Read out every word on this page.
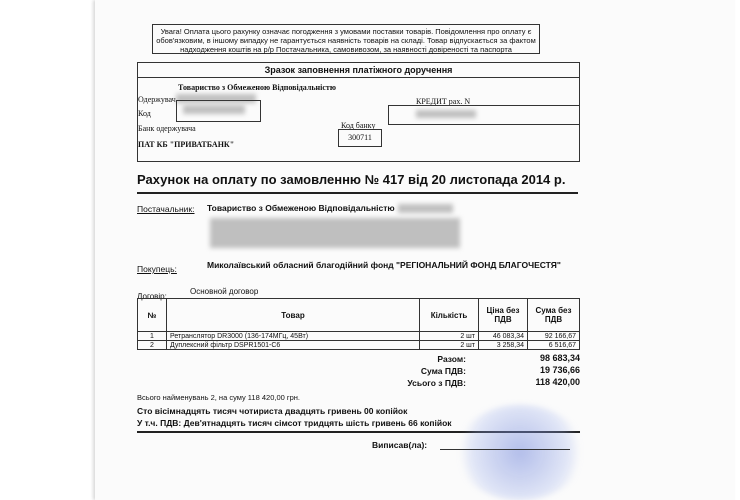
Увага! Оплата цього рахунку означає погодження з умовами поставки товарів. Повідомлення про оплату є
обов'язковим, в іншому випадку не гарантується наявність товарів на складі. Товар відпускається за фактом
надходження коштів на р/р Постачальника, самовивозом, за наявності довіреності та паспорта
Зразок заповнення платіжного доручення
Товариство з Обмеженою Відповідальністю
Одержувач
Код
Банк одержувача
ПАТ КБ "ПРИВАТБАНК"
Код банку
300711
КРЕДИТ рах. N
Рахунок на оплату по замовленню № 417 від 20 листопада 2014 р.
Постачальник: Товариство з Обмеженою Відповідальністю
Покупець:	Миколаївський обласний благодійний фонд "РЕГІОНАЛЬНИЙ ФОНД БЛАГОЧЕСТЯ"
Договір:
Основной договор
№	Товар	Кількість	Ціна без ПДВ	Сума без ПДВ
1	Ретранслятор DR3000 (136-174МГц, 45Вт)	2 шт	46 083,34	92 166,67
2	Дуплексний фільтр DSPR1501-C6	2 шт	3 258,34	6 516,67
Разом:	98 683,34
Сума ПДВ:	19 736,66
Усього з ПДВ:	118 420,00
Всього найменувань 2, на суму 118 420,00 грн.
Сто вісімнадцять тисяч чотириста двадцять гривень 00 копійок
У т.ч. ПДВ: Дев'ятнадцять тисяч сімсот тридцять шість гривень 66 копійок
Виписав(ла):
